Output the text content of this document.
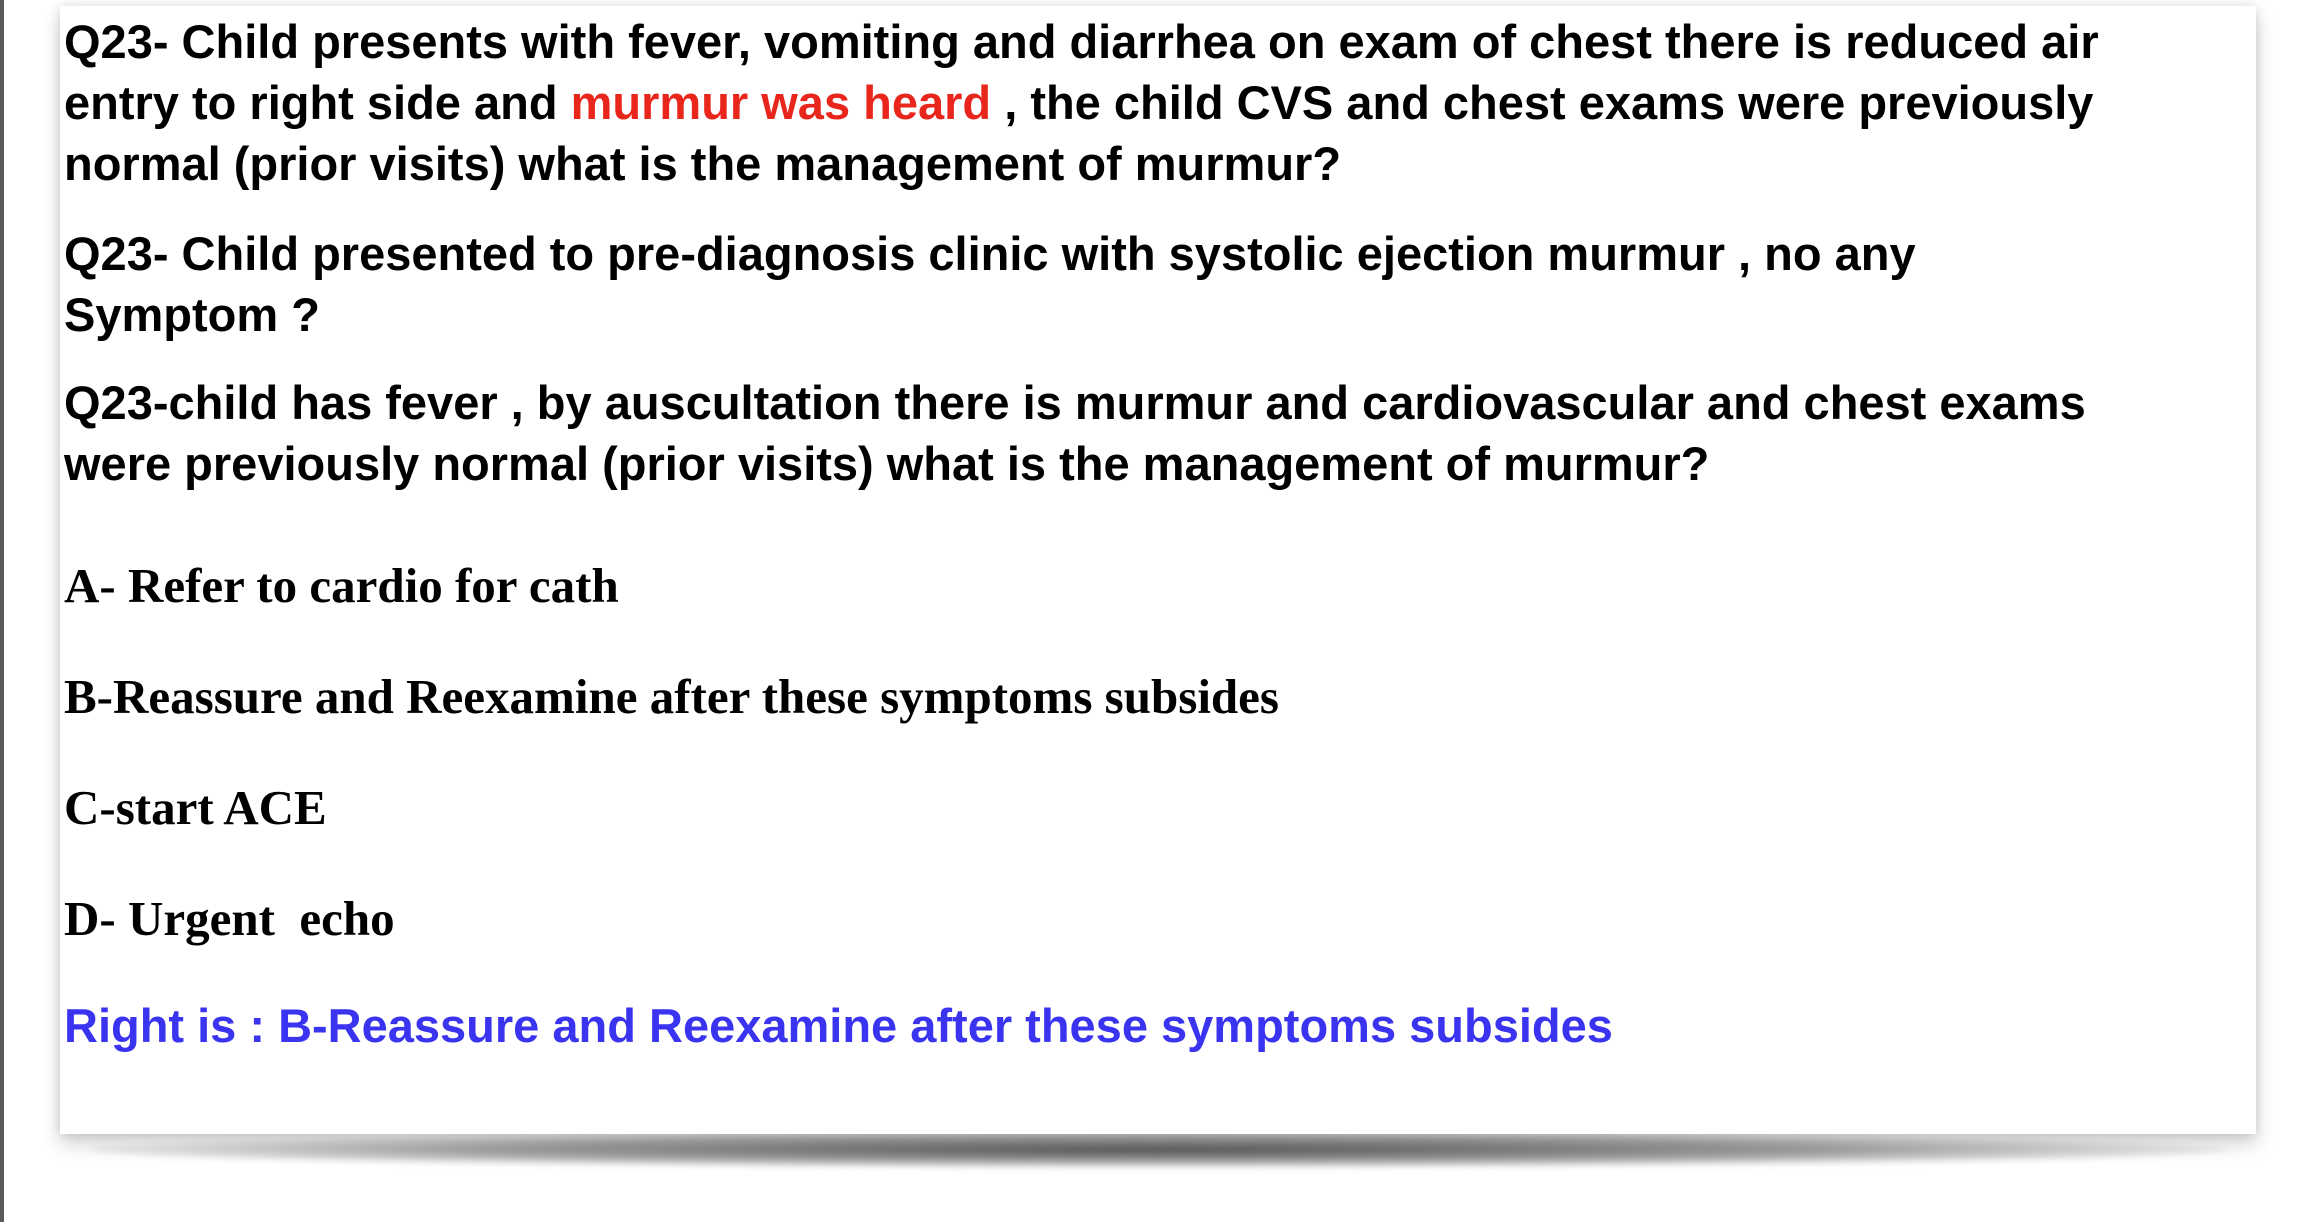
Q23- Child presents with fever, vomiting and diarrhea on exam of chest there is reduced air
entry to right side and murmur was heard , the child CVS and chest exams were previously
normal (prior visits) what is the management of murmur?
Q23- Child presented to pre-diagnosis clinic with systolic ejection murmur , no any
Symptom ?
Q23-child has fever , by auscultation there is murmur and cardiovascular and chest exams
were previously normal (prior visits) what is the management of murmur?
A- Refer to cardio for cath
B-Reassure and Reexamine after these symptoms subsides
C-start ACE
D- Urgent  echo
Right is : B-Reassure and Reexamine after these symptoms subsides
